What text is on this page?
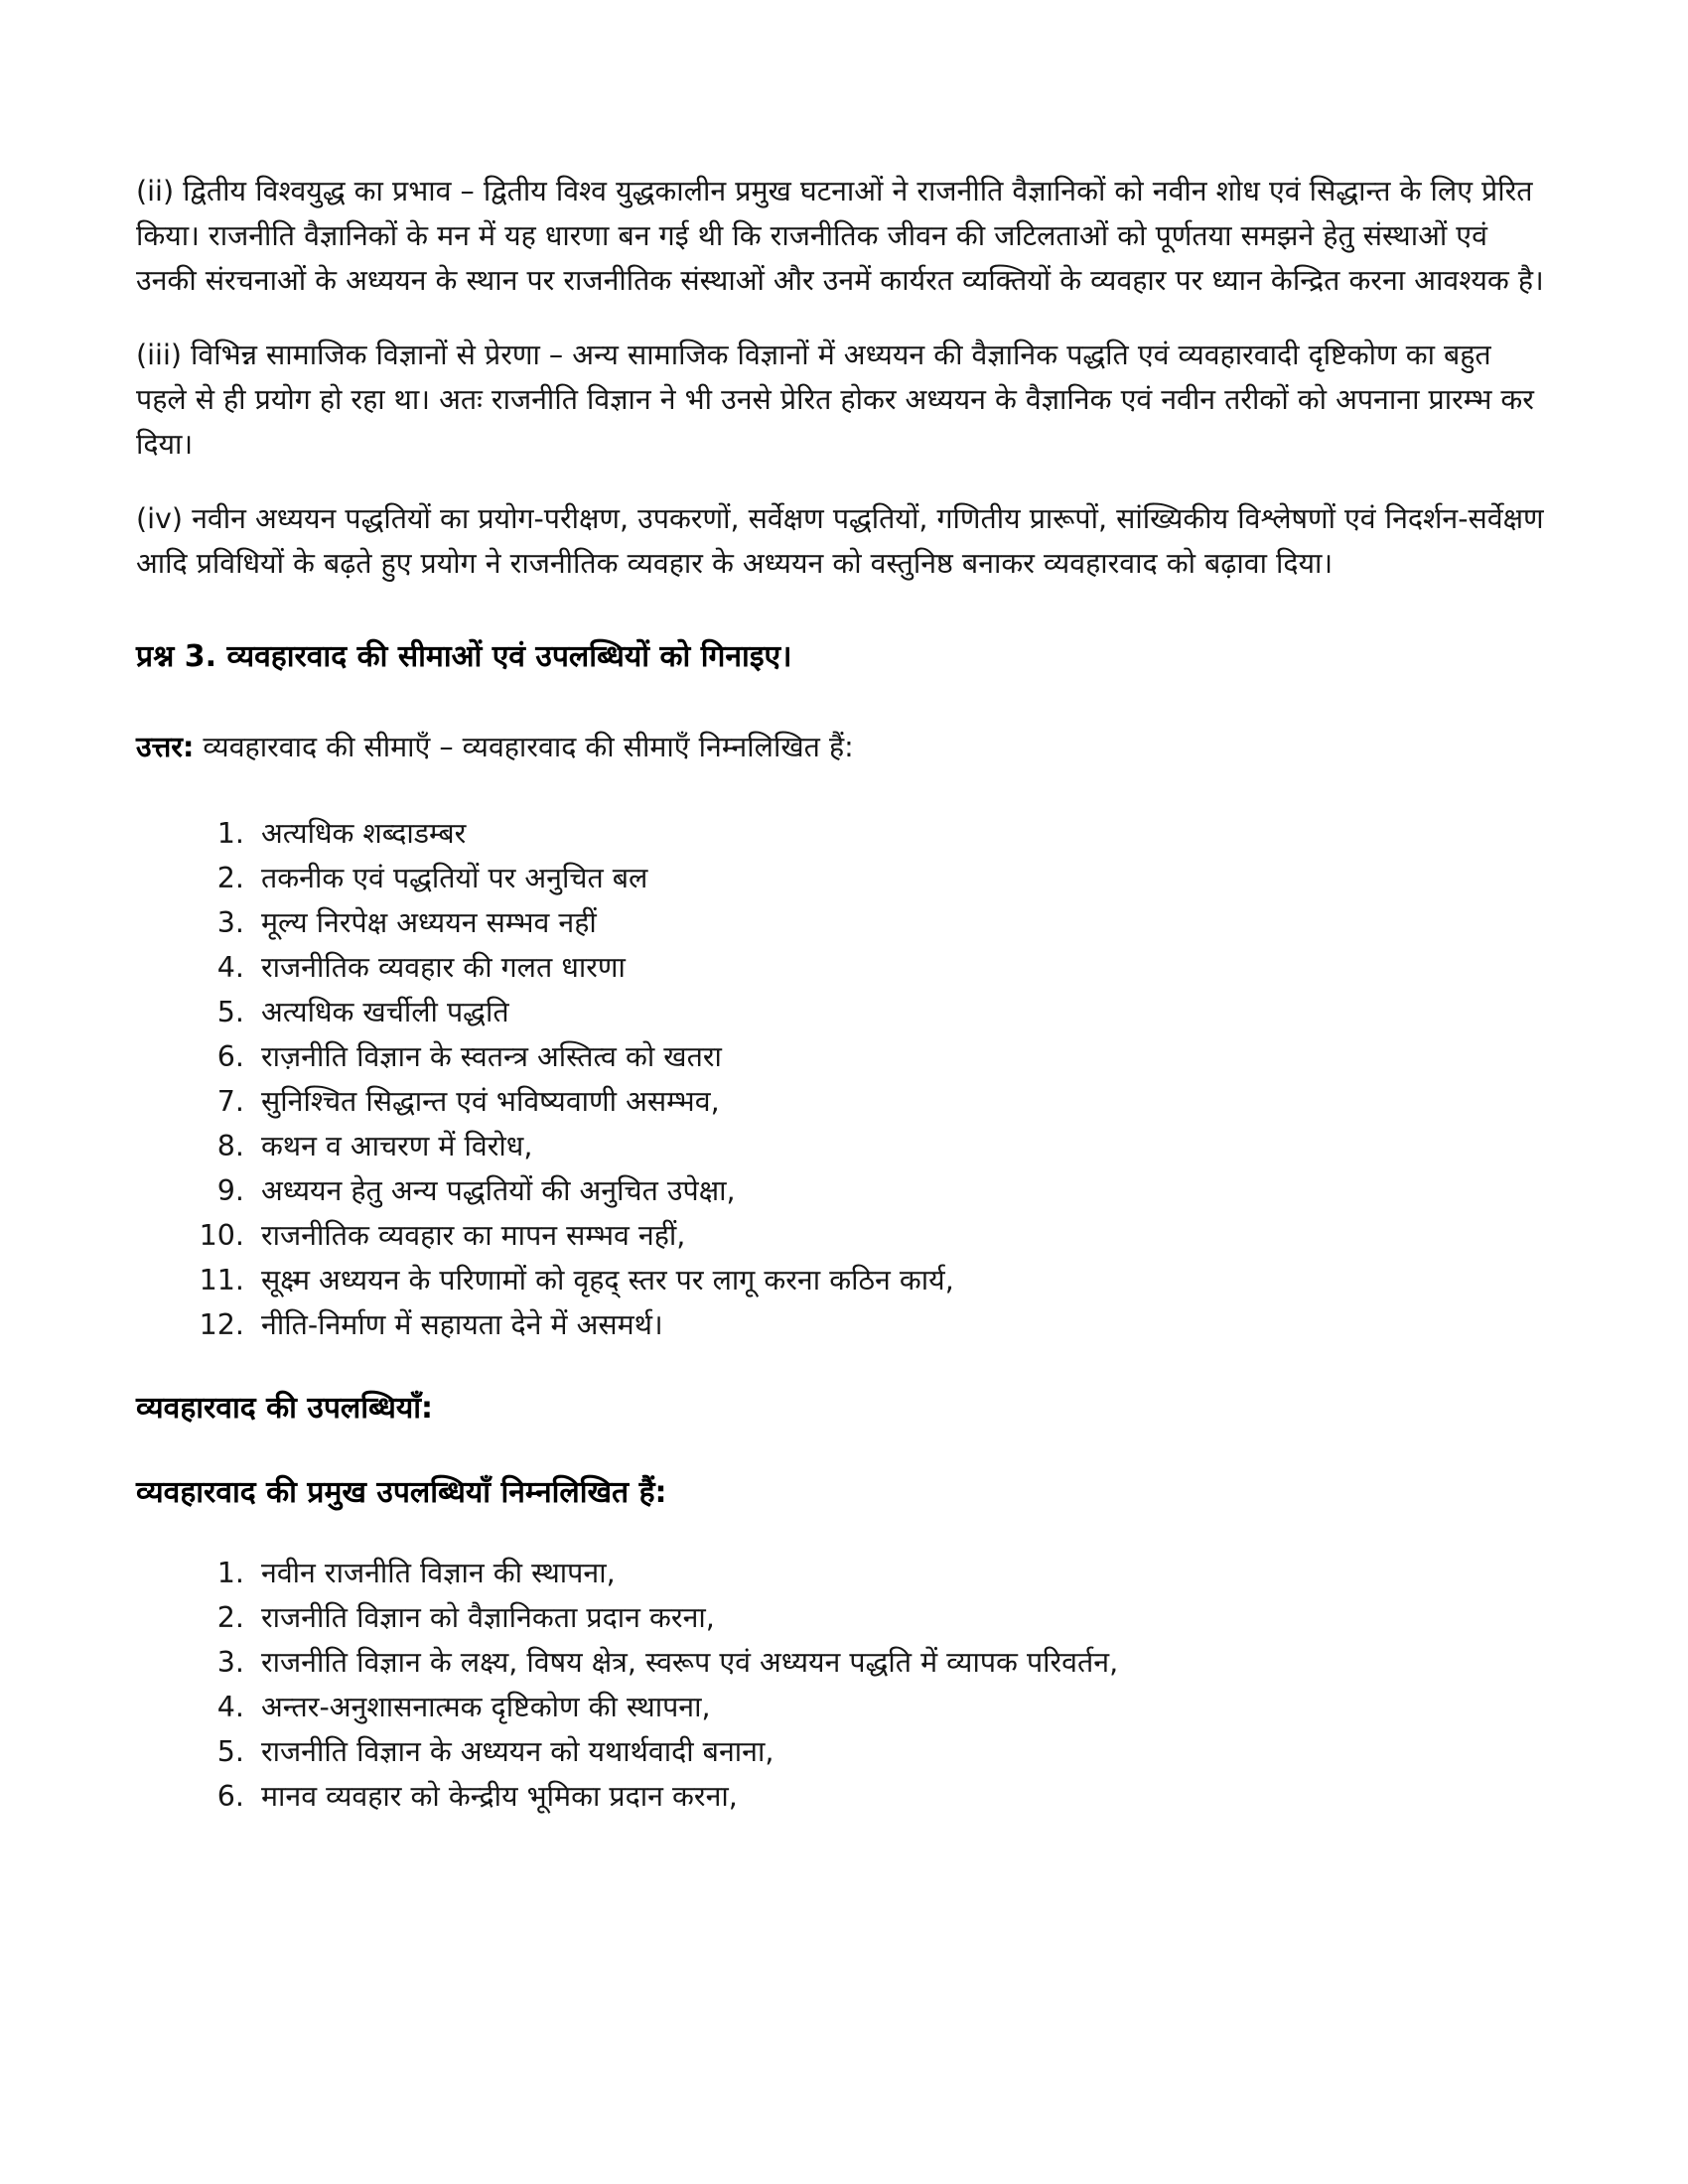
(ii) द्वितीय विश्वयुद्ध का प्रभाव – द्वितीय विश्व युद्धकालीन प्रमुख घटनाओं ने राजनीति वैज्ञानिकों को नवीन शोध एवं सिद्धान्त के लिए प्रेरित किया। राजनीति वैज्ञानिकों के मन में यह धारणा बन गई थी कि राजनीतिक जीवन की जटिलताओं को पूर्णतया समझने हेतु संस्थाओं एवं उनकी संरचनाओं के अध्ययन के स्थान पर राजनीतिक संस्थाओं और उनमें कार्यरत व्यक्तियों के व्यवहार पर ध्यान केन्द्रित करना आवश्यक है।

(iii) विभिन्न सामाजिक विज्ञानों से प्रेरणा – अन्य सामाजिक विज्ञानों में अध्ययन की वैज्ञानिक पद्धति एवं व्यवहारवादी दृष्टिकोण का बहुत पहले से ही प्रयोग हो रहा था। अतः राजनीति विज्ञान ने भी उनसे प्रेरित होकर अध्ययन के वैज्ञानिक एवं नवीन तरीकों को अपनाना प्रारम्भ कर दिया।

(iv) नवीन अध्ययन पद्धतियों का प्रयोग-परीक्षण, उपकरणों, सर्वेक्षण पद्धतियों, गणितीय प्रारूपों, सांख्यिकीय विश्लेषणों एवं निदर्शन-सर्वेक्षण आदि प्रविधियों के बढ़ते हुए प्रयोग ने राजनीतिक व्यवहार के अध्ययन को वस्तुनिष्ठ बनाकर व्यवहारवाद को बढ़ावा दिया।

प्रश्न 3. व्यवहारवाद की सीमाओं एवं उपलब्धियों को गिनाइए।

उत्तर: व्यवहारवाद की सीमाएँ – व्यवहारवाद की सीमाएँ निम्नलिखित हैं:

1. अत्यधिक शब्दाडम्बर
2. तकनीक एवं पद्धतियों पर अनुचित बल
3. मूल्य निरपेक्ष अध्ययन सम्भव नहीं
4. राजनीतिक व्यवहार की गलत धारणा
5. अत्यधिक खर्चीली पद्धति
6. राज़नीति विज्ञान के स्वतन्त्र अस्तित्व को खतरा
7. सुनिश्चित सिद्धान्त एवं भविष्यवाणी असम्भव,
8. कथन व आचरण में विरोध,
9. अध्ययन हेतु अन्य पद्धतियों की अनुचित उपेक्षा,
10. राजनीतिक व्यवहार का मापन सम्भव नहीं,
11. सूक्ष्म अध्ययन के परिणामों को वृहद् स्तर पर लागू करना कठिन कार्य,
12. नीति-निर्माण में सहायता देने में असमर्थ।

व्यवहारवाद की उपलब्धियाँ:

व्यवहारवाद की प्रमुख उपलब्धियाँ निम्नलिखित हैं:

1. नवीन राजनीति विज्ञान की स्थापना,
2. राजनीति विज्ञान को वैज्ञानिकता प्रदान करना,
3. राजनीति विज्ञान के लक्ष्य, विषय क्षेत्र, स्वरूप एवं अध्ययन पद्धति में व्यापक परिवर्तन,
4. अन्तर-अनुशासनात्मक दृष्टिकोण की स्थापना,
5. राजनीति विज्ञान के अध्ययन को यथार्थवादी बनाना,
6. मानव व्यवहार को केन्द्रीय भूमिका प्रदान करना,
